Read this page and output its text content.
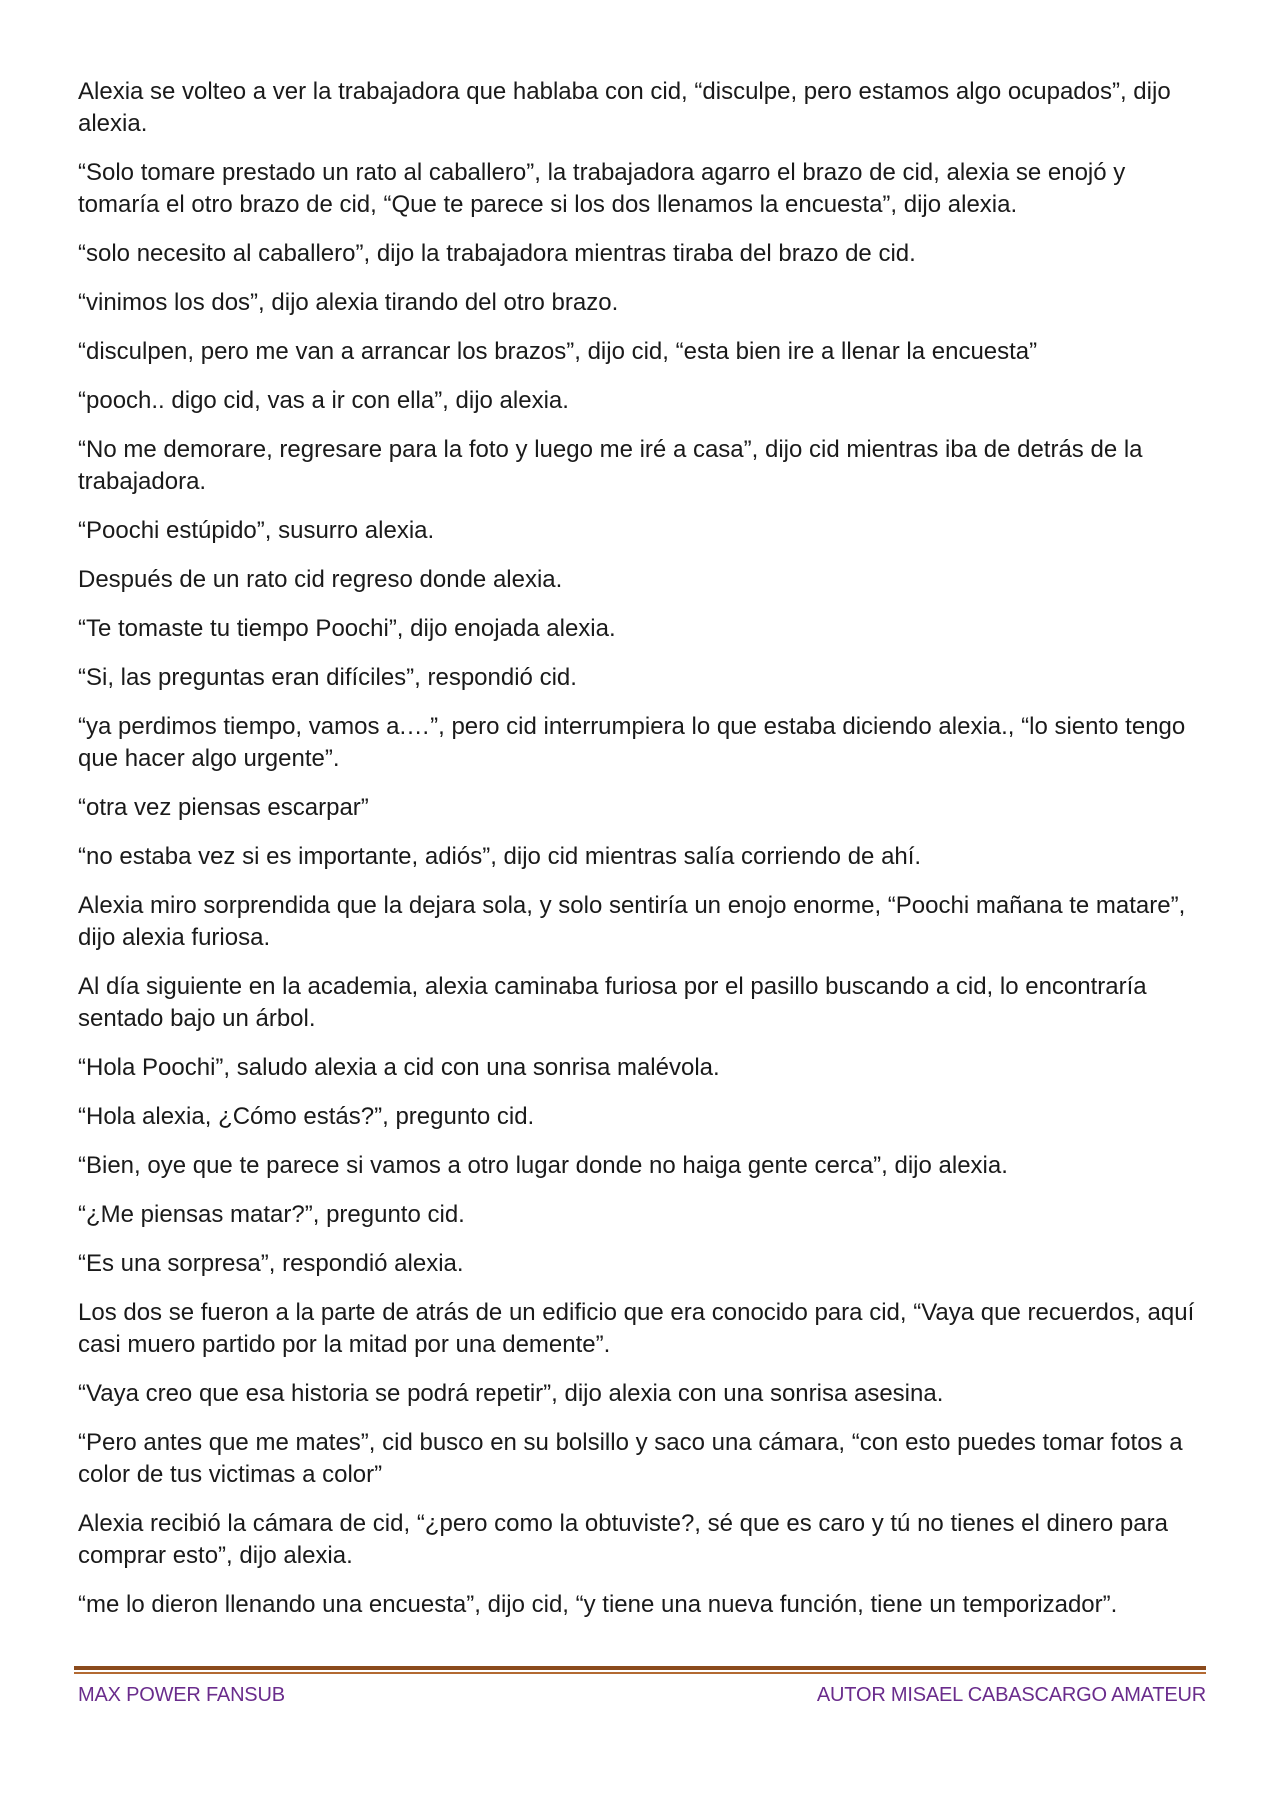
Alexia se volteo a ver la trabajadora que hablaba con cid, “disculpe, pero estamos algo ocupados”, dijo alexia.

“Solo tomare prestado un rato al caballero”, la trabajadora agarro el brazo de cid, alexia se enojó y tomaría el otro brazo de cid, “Que te parece si los dos llenamos la encuesta”, dijo alexia.

“solo necesito al caballero”, dijo la trabajadora mientras tiraba del brazo de cid.

“vinimos los dos”, dijo alexia tirando del otro brazo.

“disculpen, pero me van a arrancar los brazos”, dijo cid, “esta bien ire a llenar la encuesta”

“pooch.. digo cid, vas a ir con ella”, dijo alexia.

“No me demorare, regresare para la foto y luego me iré a casa”, dijo cid mientras iba de detrás de la trabajadora.

“Poochi estúpido”, susurro alexia.

Después de un rato cid regreso donde alexia.

“Te tomaste tu tiempo Poochi”, dijo enojada alexia.

“Si, las preguntas eran difíciles”, respondió cid.

“ya perdimos tiempo, vamos a.…”, pero cid interrumpiera lo que estaba diciendo alexia., “lo siento tengo que hacer algo urgente”.

“otra vez piensas escarpar”

“no estaba vez si es importante, adiós”, dijo cid mientras salía corriendo de ahí.

Alexia miro sorprendida que la dejara sola, y solo sentiría un enojo enorme, “Poochi mañana te matare”, dijo alexia furiosa.

Al día siguiente en la academia, alexia caminaba furiosa por el pasillo buscando a cid, lo encontraría sentado bajo un árbol.

“Hola Poochi”, saludo alexia a cid con una sonrisa malévola.

“Hola alexia, ¿Cómo estás?”, pregunto cid.

“Bien, oye que te parece si vamos a otro lugar donde no haiga gente cerca”, dijo alexia.

“¿Me piensas matar?”, pregunto cid.

“Es una sorpresa”, respondió alexia.

Los dos se fueron a la parte de atrás de un edificio que era conocido para cid, “Vaya que recuerdos, aquí casi muero partido por la mitad por una demente”.

“Vaya creo que esa historia se podrá repetir”, dijo alexia con una sonrisa asesina.

“Pero antes que me mates”, cid busco en su bolsillo y saco una cámara, “con esto puedes tomar fotos a color de tus victimas a color”

Alexia recibió la cámara de cid, “¿pero como la obtuviste?, sé que es caro y tú no tienes el dinero para comprar esto”, dijo alexia.

“me lo dieron llenando una encuesta”, dijo cid, “y tiene una nueva función, tiene un temporizador”.

MAX POWER FANSUB	AUTOR MISAEL CABASCARGO AMATEUR
